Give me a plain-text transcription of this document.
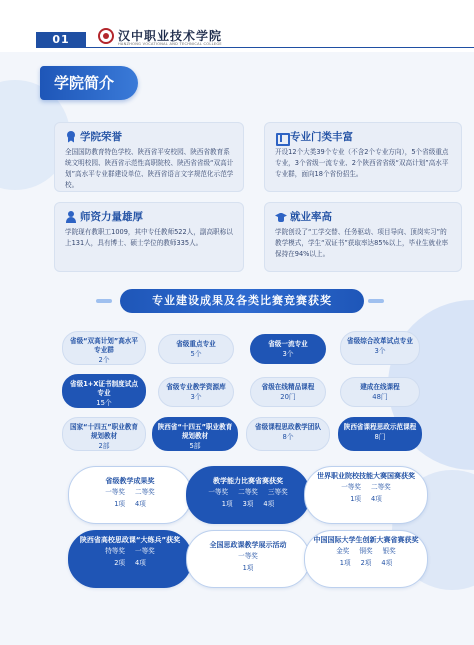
01	汉中职业技术学院
HANZHONG VOCATIONAL AND TECHNICAL COLLEGE
学院简介
学院荣誉
全国国防教育特色学校、陕西省平安校园、陕西省教育系统文明校园、陕西省示范性高职院校、陕西省省级“双高计划”高水平专业群建设单位、陕西省语言文字规范化示范学校。
专业门类丰富
开设12个大类39个专业（不含2个专业方向），5个省级重点专业，3个省级一流专业、2个陕西省省级“双高计划”高水平专业群，面向18个省份招生。
师资力量雄厚
学院现有教职工1009，其中专任教师522人，副高职称以上131人，具有博士、硕士学位的教师335人。
就业率高
学院创设了“工学交替、任务驱动、项目导向、顶岗实习”的教学模式，学生“双证书”获取率达85%以上，毕业生就业率保持在94%以上。
专业建设成果及各类比赛竞赛获奖
省级“双高计划”高水平专业群
2个
省级重点专业
5个
省级一流专业
3个
省级综合改革试点专业
3个
省级1+X证书制度试点专业
15个
省级专业教学资源库
3个
省级在线精品课程
20门
建成在线课程
48门
国家“十四五”职业教育规划教材
2部
陕西省“十四五”职业教育规划教材
5部
省级课程思政教学团队
8个
陕西省课程思政示范课程
8门
省级教学成果奖
一等奖 二等奖
1项 4项
教学能力比赛省赛获奖
一等奖 二等奖 三等奖
1项 3项 4项
世界职业院校技能大赛国赛获奖
一等奖 二等奖
1项 4项
陕西省高校思政课“大练兵”获奖
特等奖 一等奖
2项 4项
全国思政课教学展示活动
一等奖
1项
中国国际大学生创新大赛省赛获奖
金奖 铜奖 银奖
1项 2项 4项
